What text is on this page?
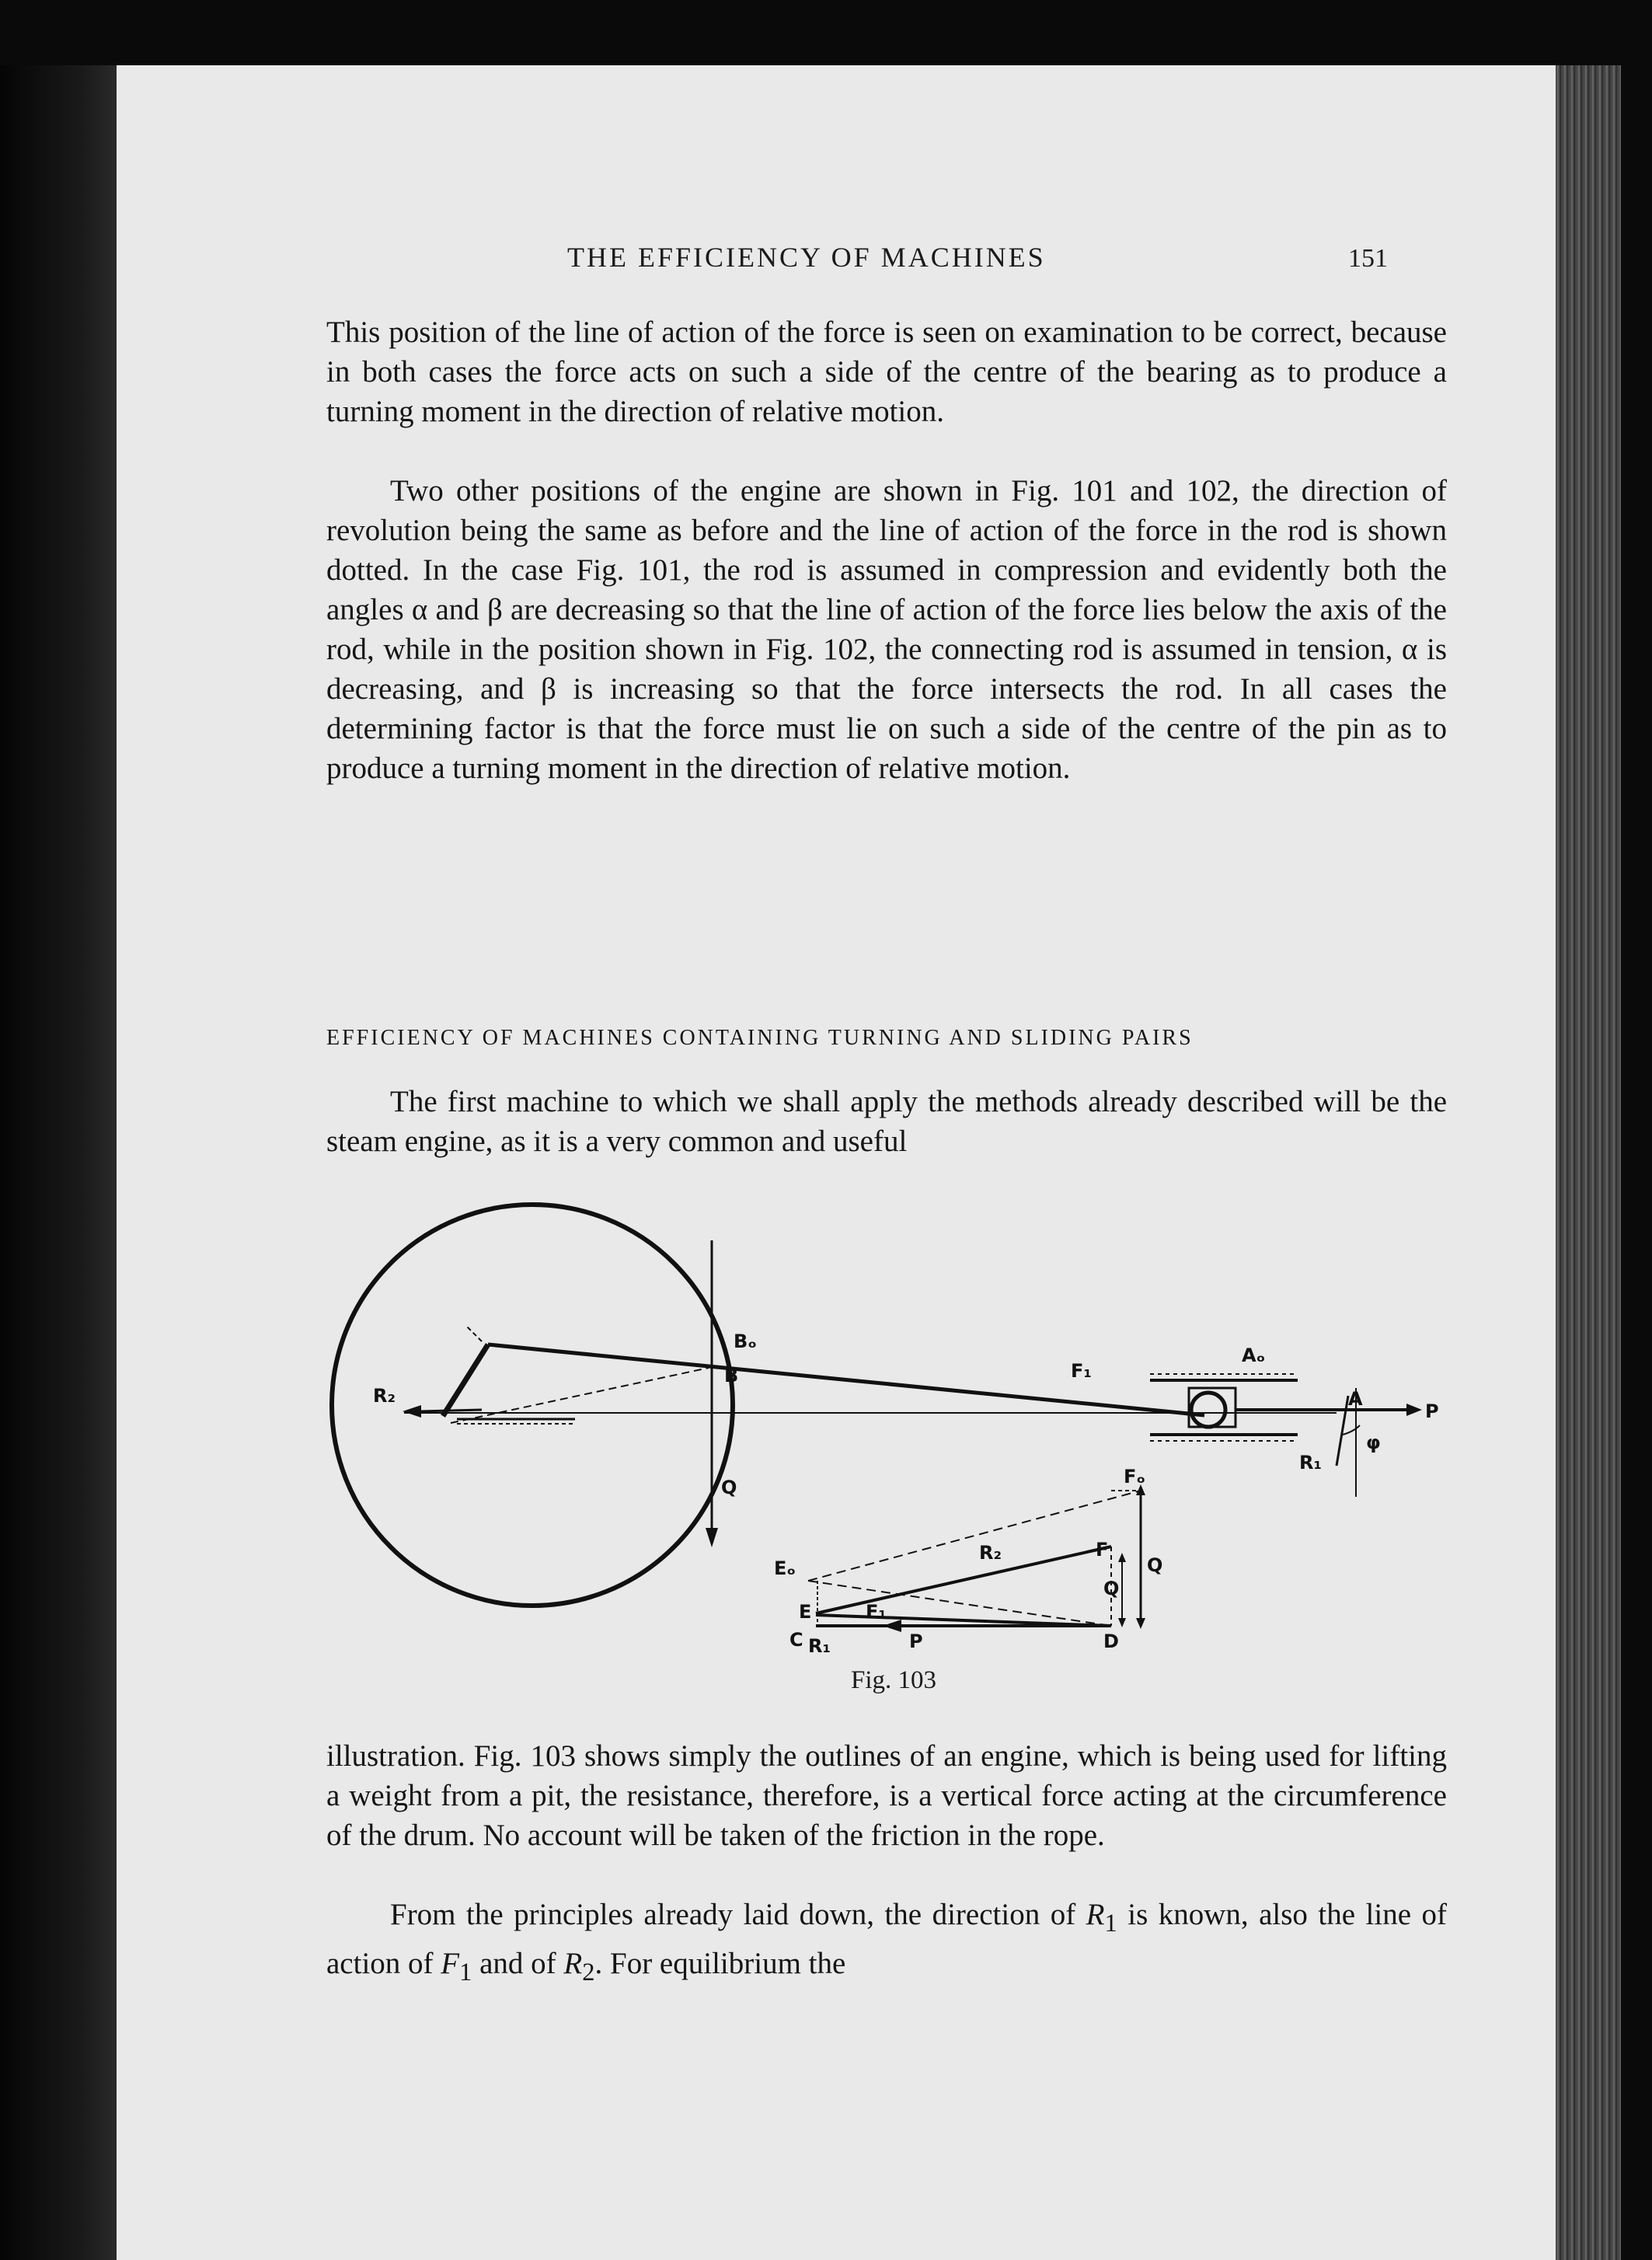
THE EFFICIENCY OF MACHINES	151

This position of the line of action of the force is seen on examination to be correct, because in both cases the force acts on such a side of the centre of the bearing as to produce a turning moment in the direction of relative motion.

Two other positions of the engine are shown in Fig. 101 and 102, the direction of revolution being the same as before and the line of action of the force in the rod is shown dotted. In the case Fig. 101, the rod is assumed in compression and evidently both the angles α and β are decreasing so that the line of action of the force lies below the axis of the rod, while in the position shown in Fig. 102, the connecting rod is assumed in tension, α is decreasing, and β is increasing so that the force intersects the rod. In all cases the determining factor is that the force must lie on such a side of the centre of the pin as to produce a turning moment in the direction of relative motion.

EFFICIENCY OF MACHINES CONTAINING TURNING AND SLIDING PAIRS

The first machine to which we shall apply the methods already described will be the steam engine, as it is a very common and useful

R₂
Bₒ
B	F₁
Aₒ
A
P
φ
R₁
Q	Fₒ
Eₒ
R₂	F
Q
Q
E	F₁
C R₁	P	D
Fig. 103

illustration. Fig. 103 shows simply the outlines of an engine, which is being used for lifting a weight from a pit, the resistance, therefore, is a vertical force acting at the circumference of the drum. No account will be taken of the friction in the rope.

From the principles already laid down, the direction of $R_1$ is known, also the line of action of $F_1$ and of $R_2$. For equilibrium the
